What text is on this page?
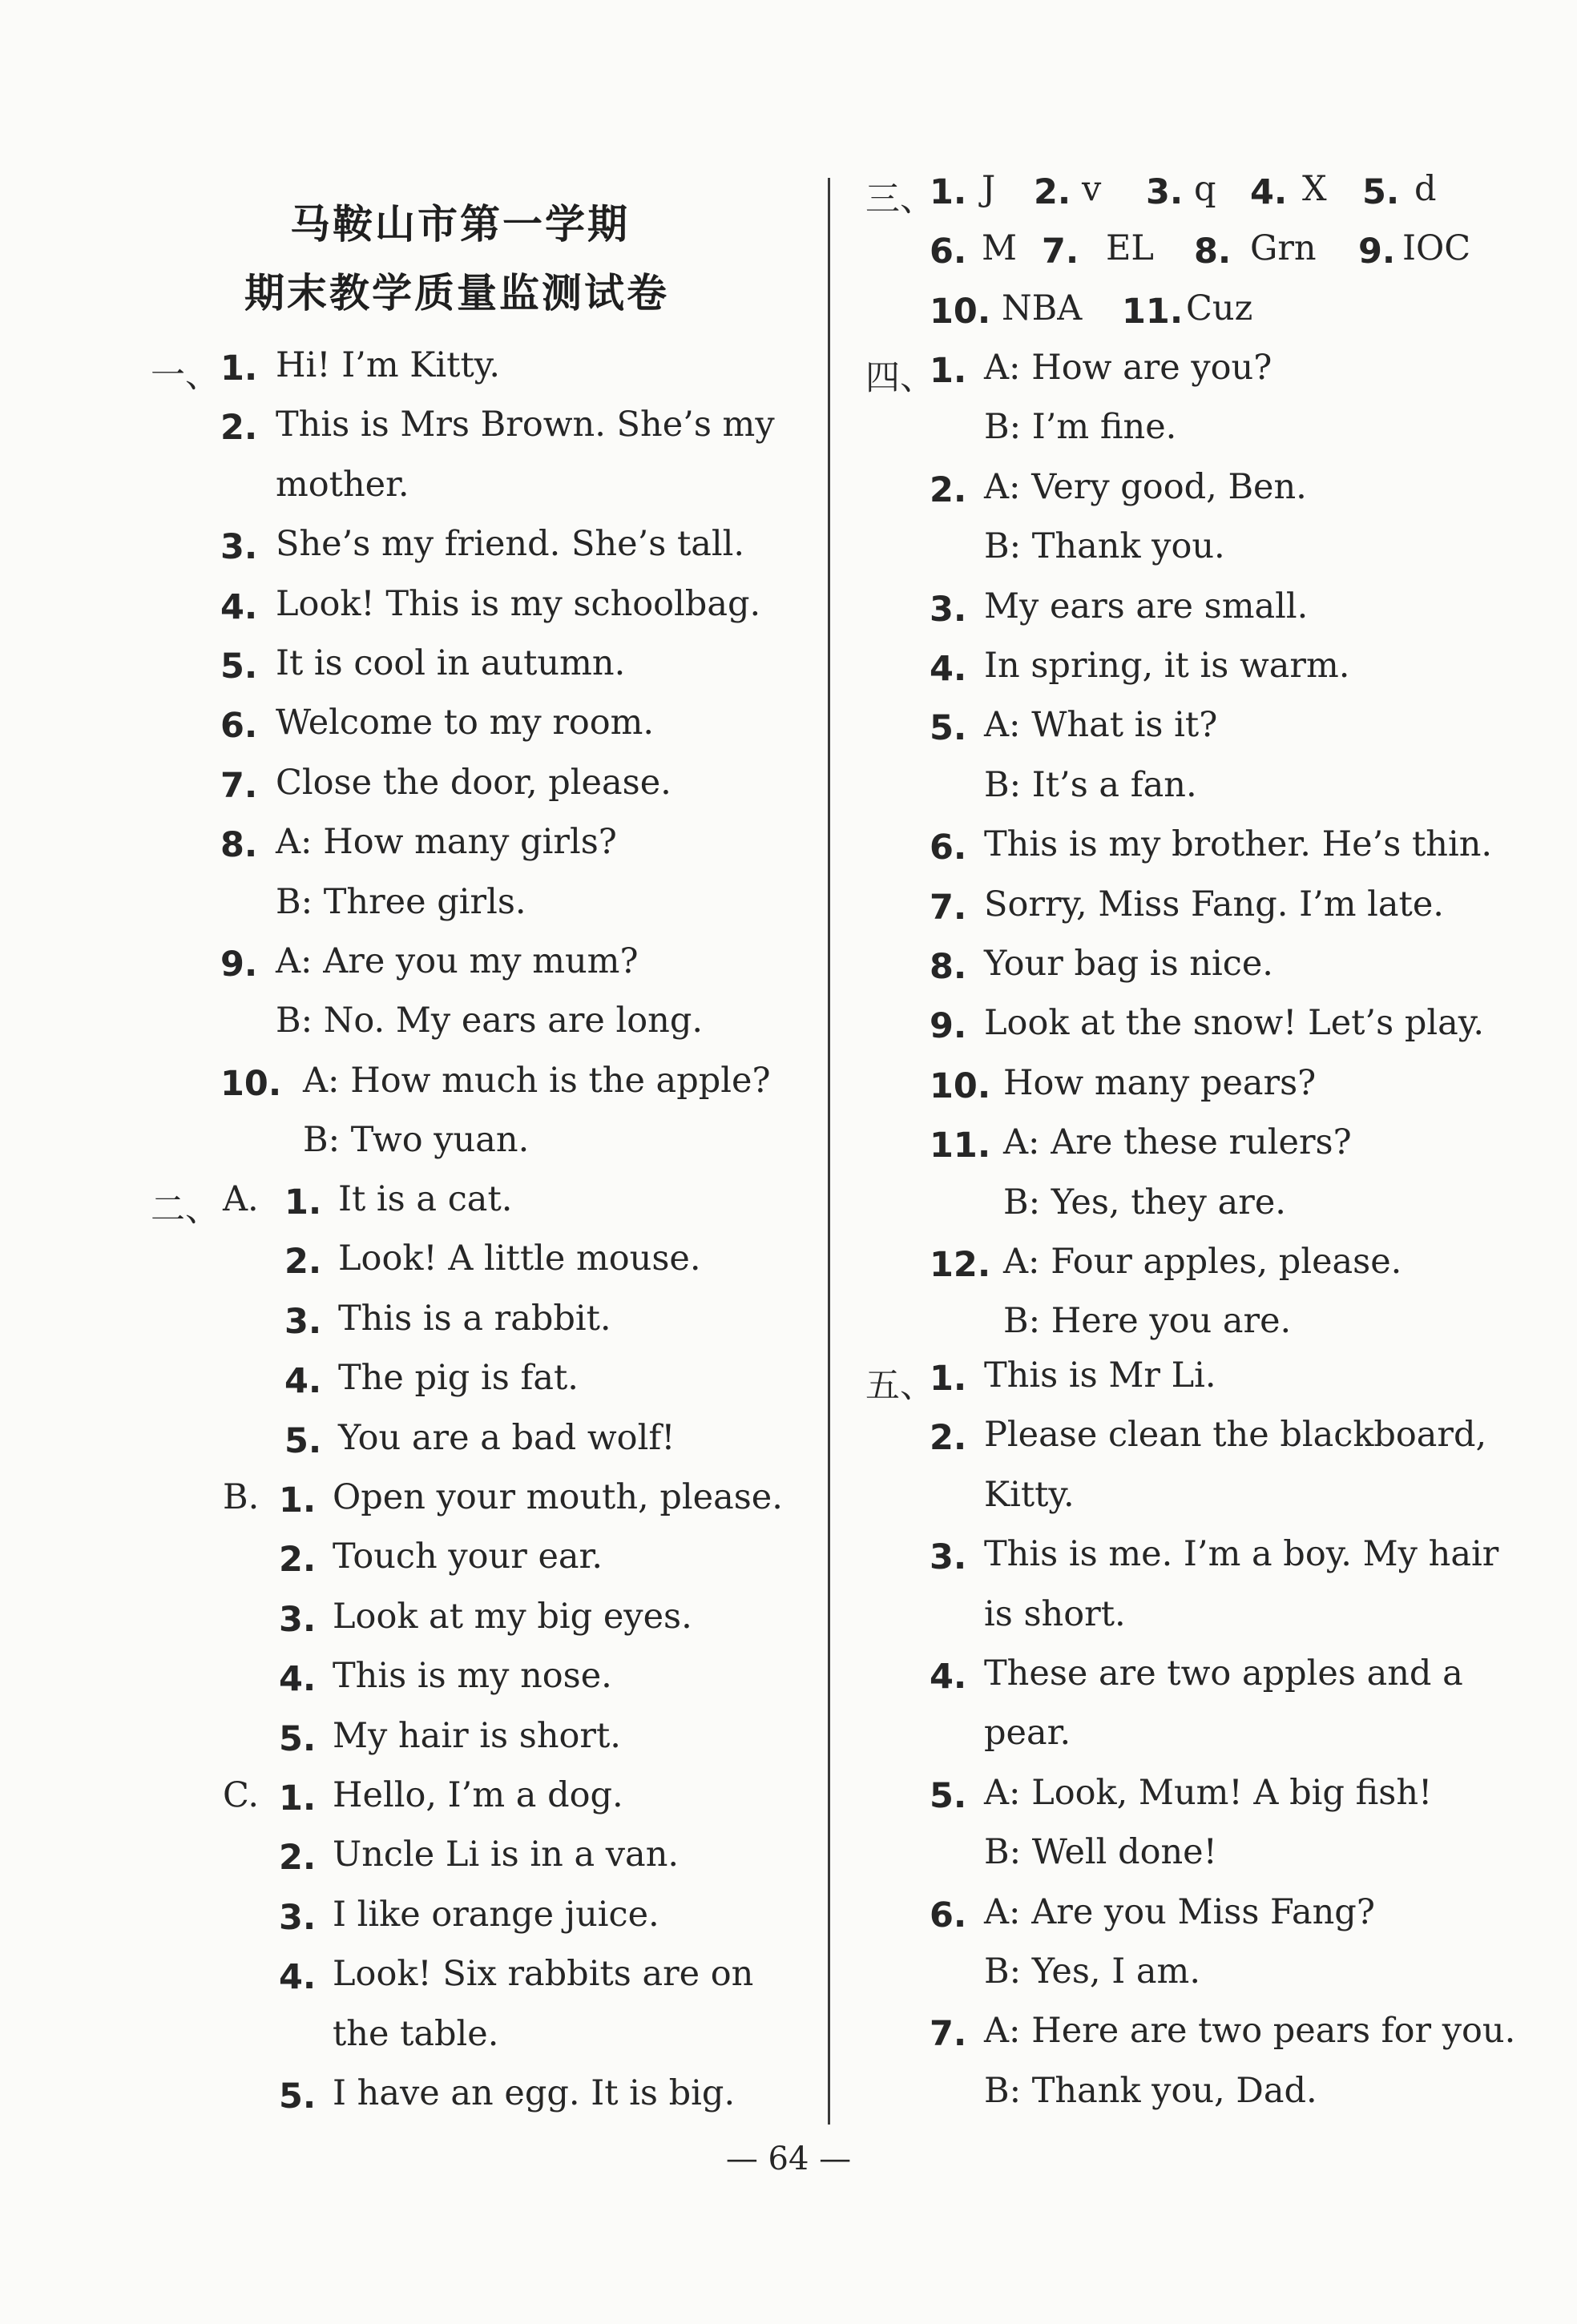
马鞍山市第一学期
期末教学质量监测试卷
— 64 —
一、 1. Hi! I’m Kitty.
2. This is Mrs Brown. She’s my
mother.
3. She’s my friend. She’s tall.
4. Look! This is my schoolbag.
5. It is cool in autumn.
6. Welcome to my room.
7. Close the door, please.
8. A: How many girls?
B: Three girls.
9. A: Are you my mum?
B: No. My ears are long.
10. A: How much is the apple?
B: Two yuan.
二、 A. 1. It is a cat.
2. Look! A little mouse.
3. This is a rabbit.
4. The pig is fat.
5. You are a bad wolf!
B. 1. Open your mouth, please.
2. Touch your ear.
3. Look at my big eyes.
4. This is my nose.
5. My hair is short.
C. 1. Hello, I’m a dog.
2. Uncle Li is in a van.
3. I like orange juice.
4. Look! Six rabbits are on
the table.
5. I have an egg. It is big.
三、
1. J 2. v 3. q 4. X 5. d
6. M 7. EL 8. Grn 9. IOC
10. NBA 11. Cuz
四、
1. A: How are you?
B: I’m fine.
2. A: Very good, Ben.
B: Thank you.
3. My ears are small.
4. In spring, it is warm.
5. A: What is it?
B: It’s a fan.
6. This is my brother. He’s thin.
7. Sorry, Miss Fang. I’m late.
8. Your bag is nice.
9. Look at the snow! Let’s play.
10. How many pears?
11. A: Are these rulers?
B: Yes, they are.
12. A: Four apples, please.
B: Here you are.
五、
1. This is Mr Li.
2. Please clean the blackboard,
Kitty.
3. This is me. I’m a boy. My hair
is short.
4. These are two apples and a
pear.
5. A: Look, Mum! A big fish!
B: Well done!
6. A: Are you Miss Fang?
B: Yes, I am.
7. A: Here are two pears for you.
B: Thank you, Dad.
